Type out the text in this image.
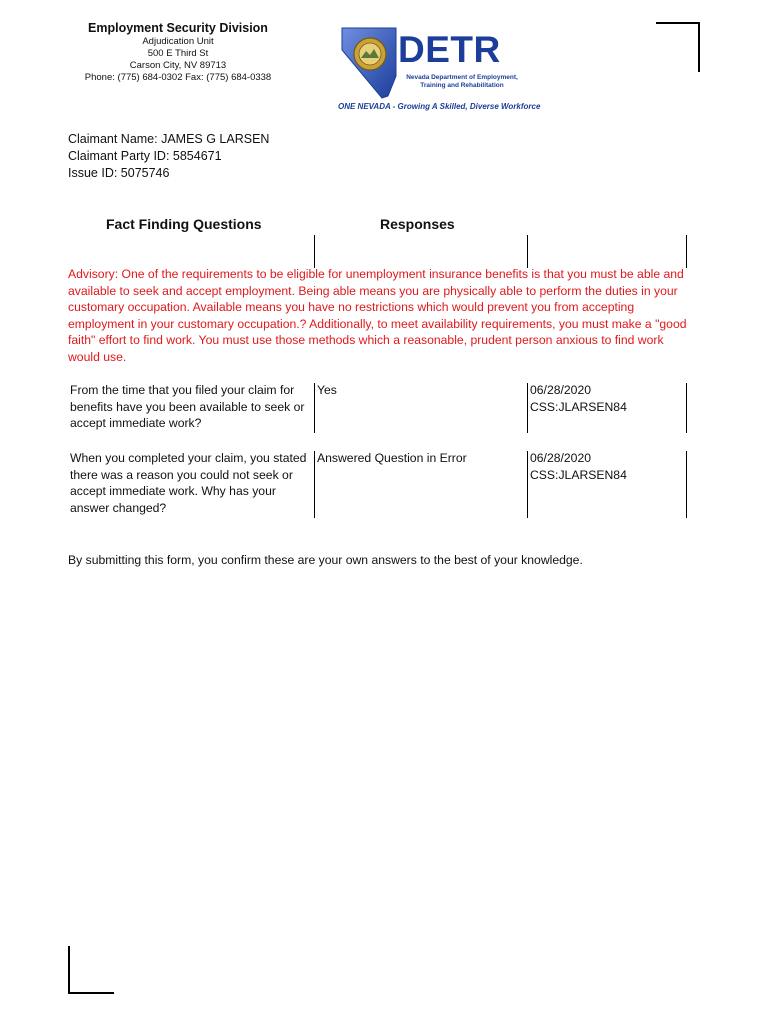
Employment Security Division
Adjudication Unit
500 E Third St
Carson City, NV 89713
Phone: (775) 684-0302 Fax: (775) 684-0338
DETR
Nevada Department of Employment, Training and Rehabilitation
ONE NEVADA - Growing A Skilled, Diverse Workforce
Claimant Name: JAMES G LARSEN
Claimant Party ID: 5854671
Issue ID: 5075746
Fact Finding Questions	Responses
Advisory: One of the requirements to be eligible for unemployment insurance benefits is that you must be able and available to seek and accept employment. Being able means you are physically able to perform the duties in your customary occupation. Available means you have no restrictions which would prevent you from accepting employment in your customary occupation.? Additionally, to meet availability requirements, you must make a "good faith" effort to find work. You must use those methods which a reasonable, prudent person anxious to find work would use.
From the time that you filed your claim for benefits have you been available to seek or accept immediate work?
Yes	06/28/2020
CSS:JLARSEN84
When you completed your claim, you stated there was a reason you could not seek or accept immediate work. Why has your answer changed?
Answered Question in Error	06/28/2020
CSS:JLARSEN84
By submitting this form, you confirm these are your own answers to the best of your knowledge.
